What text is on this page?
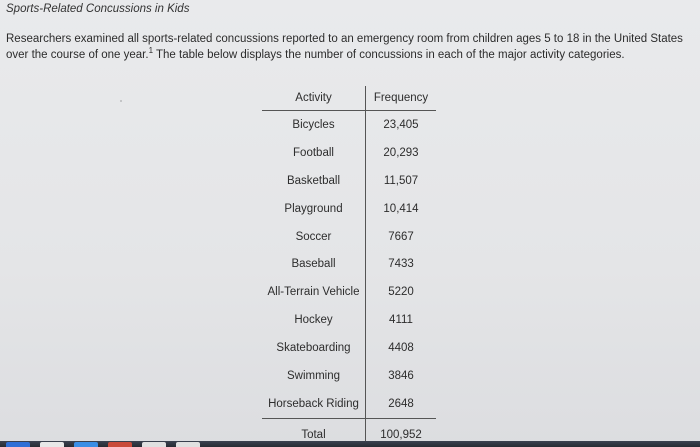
Sports-Related Concussions in Kids
Researchers examined all sports-related concussions reported to an emergency room from children ages 5 to 18 in the United States over the course of one year.$^1$ The table below displays the number of concussions in each of the major activity categories.
Activity	Frequency
Bicycles	23,405
Football	20,293
Basketball	11,507
Playground	10,414
Soccer	7667
Baseball	7433
All-Terrain Vehicle	5220
Hockey	4111
Skateboarding	4408
Swimming	3846
Horseback Riding	2648
Total	100,952
